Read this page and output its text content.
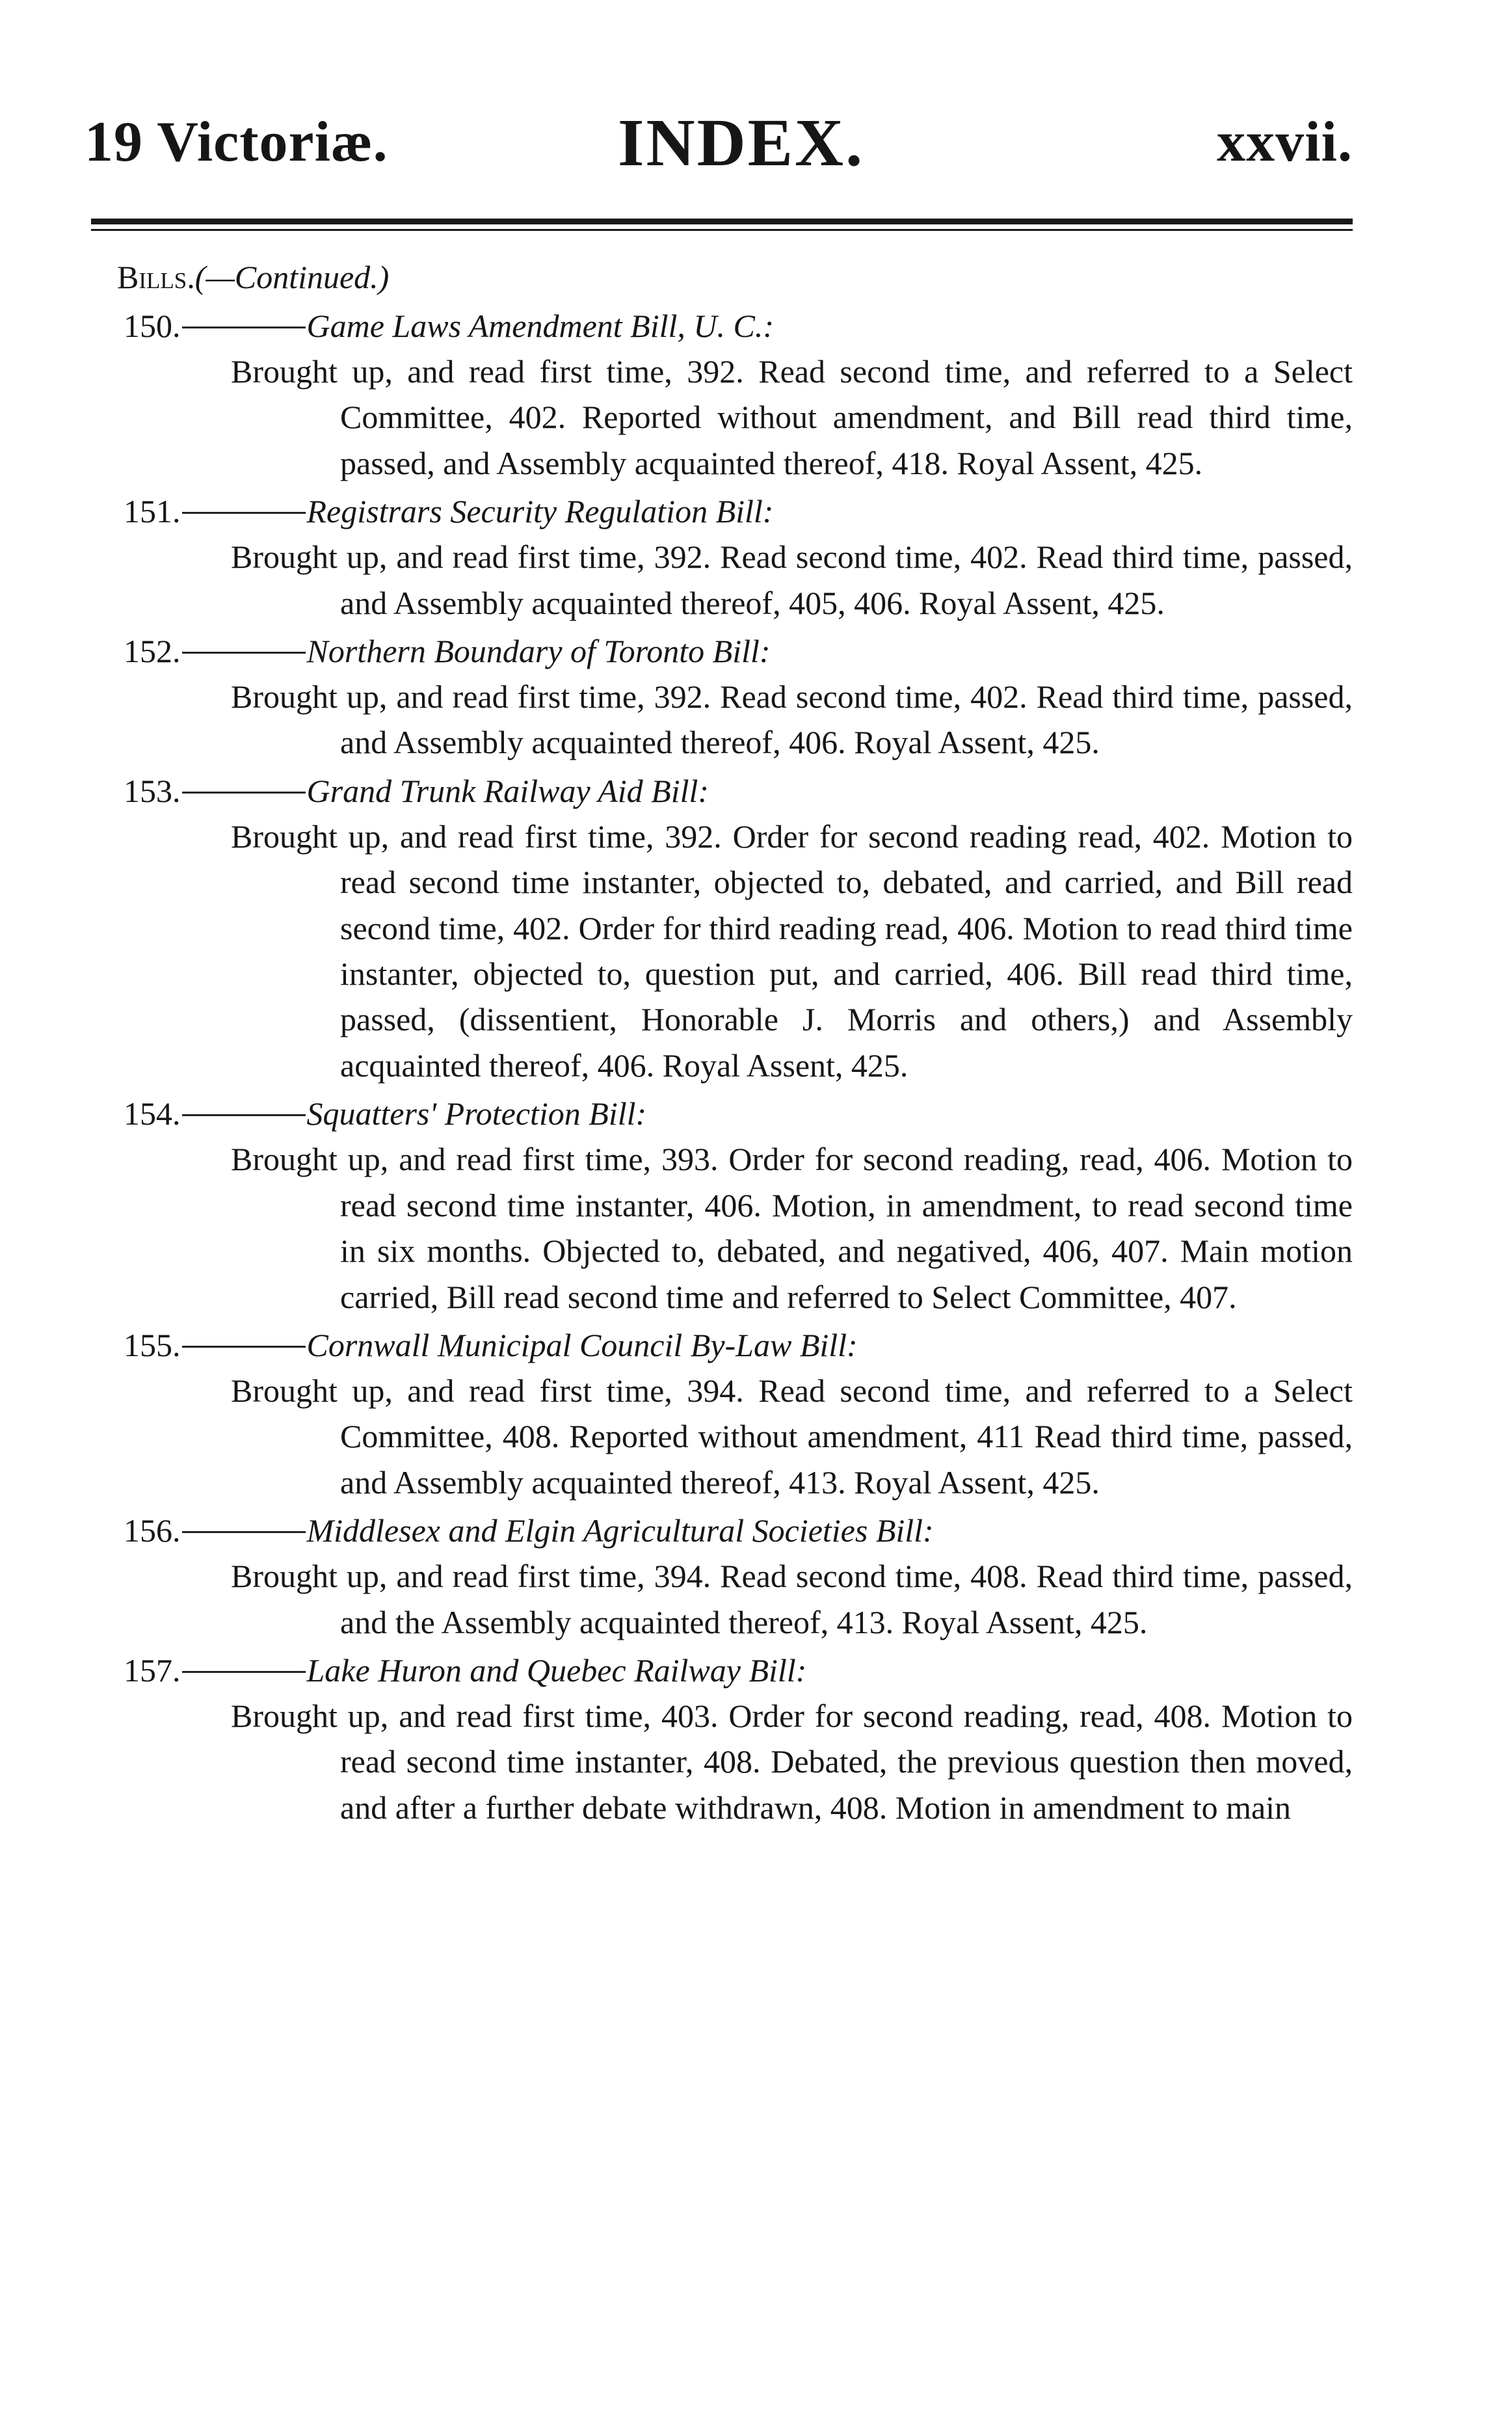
19 Victoriæ.	INDEX.	xxvii.
Bills.(—Continued.)
150.	Game Laws Amendment Bill, U. C.:
Brought up, and read first time, 392. Read second time, and referred to a Select Committee, 402. Reported without amendment, and Bill read third time, passed, and Assembly acquainted thereof, 418. Royal Assent, 425.
151.	Registrars Security Regulation Bill:
Brought up, and read first time, 392. Read second time, 402. Read third time, passed, and Assembly acquainted thereof, 405, 406. Royal Assent, 425.
152.	Northern Boundary of Toronto Bill:
Brought up, and read first time, 392. Read second time, 402. Read third time, passed, and Assembly acquainted thereof, 406. Royal Assent, 425.
153.	Grand Trunk Railway Aid Bill:
Brought up, and read first time, 392. Order for second reading read, 402. Motion to read second time instanter, objected to, debated, and carried, and Bill read second time, 402. Order for third reading read, 406. Motion to read third time instanter, objected to, question put, and carried, 406. Bill read third time, passed, (dissentient, Honorable J. Morris and others,) and Assembly acquainted thereof, 406. Royal Assent, 425.
154.	Squatters' Protection Bill:
Brought up, and read first time, 393. Order for second reading, read, 406. Motion to read second time instanter, 406. Motion, in amendment, to read second time in six months. Objected to, debated, and negatived, 406, 407. Main motion carried, Bill read second time and referred to Select Committee, 407.
155.	Cornwall Municipal Council By-Law Bill:
Brought up, and read first time, 394. Read second time, and referred to a Select Committee, 408. Reported without amendment, 411 Read third time, passed, and Assembly acquainted thereof, 413. Royal Assent, 425.
156.	Middlesex and Elgin Agricultural Societies Bill:
Brought up, and read first time, 394. Read second time, 408. Read third time, passed, and the Assembly acquainted thereof, 413. Royal Assent, 425.
157.	Lake Huron and Quebec Railway Bill:
Brought up, and read first time, 403. Order for second reading, read, 408. Motion to read second time instanter, 408. Debated, the previous question then moved, and after a further debate withdrawn, 408. Motion in amendment to main
